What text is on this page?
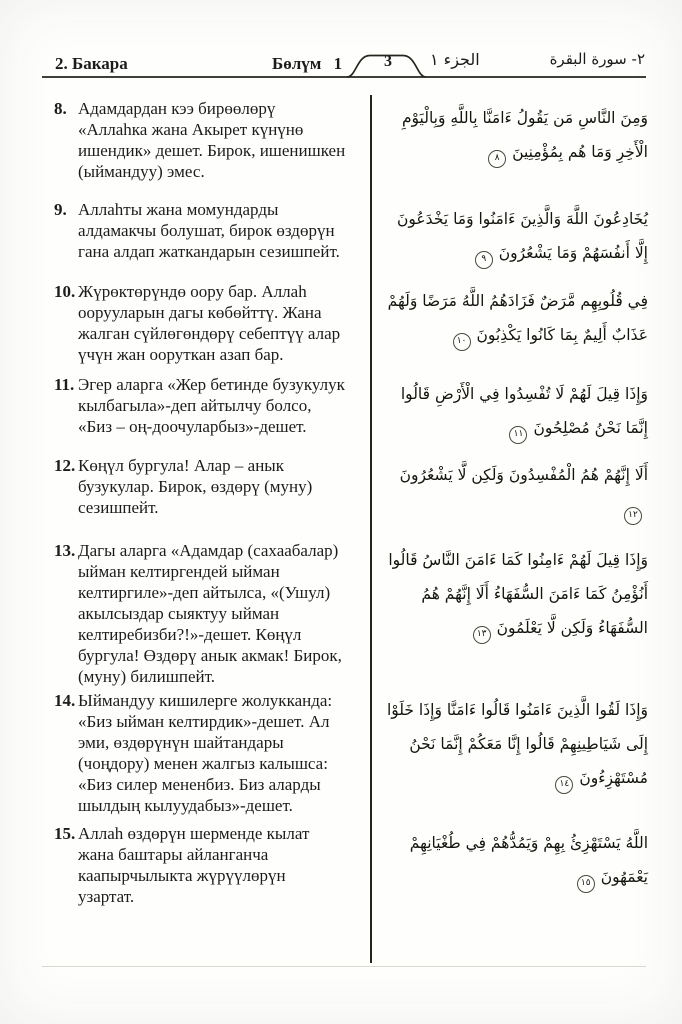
2. Бакара	Бөлүм 1	3	الجزء ١	٢- سورة البقرة
8. Адамдардан кээ бирөөлөрү «Аллаһка жана Акырет күнүнө ишендик» дешет. Бирок, ишенишкен (ыймандуу) эмес.
وَمِنَ النَّاسِ مَن يَقُولُ ءَامَنَّا بِاللَّهِ وَبِالْيَوْمِ الْأَخِرِ وَمَا هُم بِمُؤْمِنِينَ٨
9. Аллаһты жана момундарды алдамакчы болушат, бирок өздөрүн гана алдап жаткандарын сезишпейт.
يُخَادِعُونَ اللَّهَ وَالَّذِينَ ءَامَنُوا وَمَا يَخْدَعُونَ إِلَّا أَنفُسَهُمْ وَمَا يَشْعُرُونَ٩
10. Жүрөктөрүндө оору бар. Аллаһ оорууларын дагы көбөйттү. Жана жалган сүйлөгөндөрү себептүү алар үчүн жан ооруткан азап бар.
فِي قُلُوبِهِم مَّرَضٌ فَزَادَهُمُ اللَّهُ مَرَضًا وَلَهُمْ عَذَابٌ أَلِيمٌ بِمَا كَانُوا يَكْذِبُونَ١٠
11. Эгер аларга «Жер бетинде бузукулук кылбагыла»-деп айтылчу болсо, «Биз – оң-доочуларбыз»-дешет.
وَإِذَا قِيلَ لَهُمْ لَا تُفْسِدُوا فِي الْأَرْضِ قَالُوا إِنَّمَا نَحْنُ مُصْلِحُونَ١١
12. Көңүл бургула! Алар – анык бузукулар. Бирок, өздөрү (муну) сезишпейт.
أَلَا إِنَّهُمْ هُمُ الْمُفْسِدُونَ وَلَكِن لَّا يَشْعُرُونَ١٢
13. Дагы аларга «Адамдар (сахаабалар) ыйман келтиргендей ыйман келтиргиле»-деп айтылса, «(Ушул) акылсыздар сыяктуу ыйман келтиребизби?!»-дешет. Көңүл бургула! Өздөрү анык акмак! Бирок, (муну) билишпейт.
وَإِذَا قِيلَ لَهُمْ ءَامِنُوا كَمَا ءَامَنَ النَّاسُ قَالُوا أَنُؤْمِنُ كَمَا ءَامَنَ السُّفَهَاءُ أَلَا إِنَّهُمْ هُمُ السُّفَهَاءُ وَلَكِن لَّا يَعْلَمُونَ١٣
14. Ыймандуу кишилерге жолукканда: «Биз ыйман келтирдик»-дешет. Ал эми, өздөрүнүн шайтандары (чоңдору) менен жалгыз калышса: «Биз силер мененбиз. Биз аларды шылдың кылуудабыз»-дешет.
وَإِذَا لَقُوا الَّذِينَ ءَامَنُوا قَالُوا ءَامَنَّا وَإِذَا خَلَوْا إِلَى شَيَاطِينِهِمْ قَالُوا إِنَّا مَعَكُمْ إِنَّمَا نَحْنُ مُسْتَهْزِءُونَ١٤
15. Аллаһ өздөрүн шерменде кылат жана баштары айланганча каапырчылыкта жүрүүлөрүн узартат.
اللَّهُ يَسْتَهْزِئُ بِهِمْ وَيَمُدُّهُمْ فِي طُغْيَانِهِمْ يَعْمَهُونَ١٥
